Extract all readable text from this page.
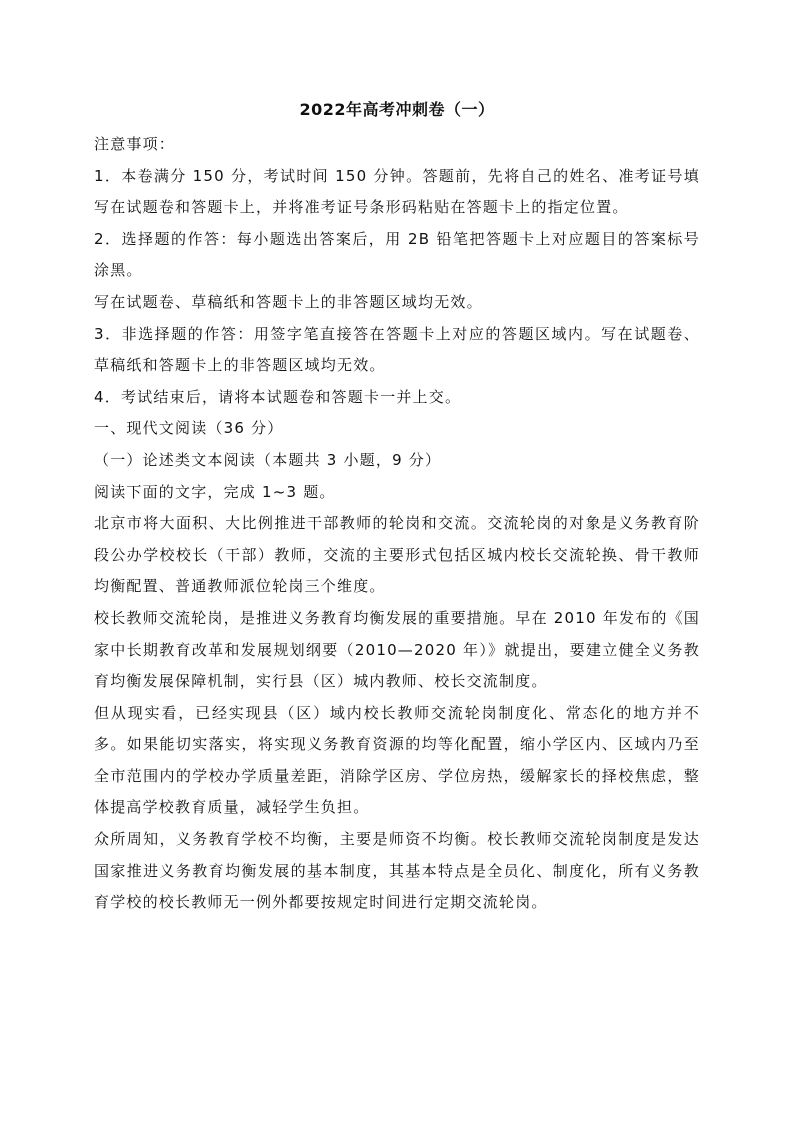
2022年高考冲刺卷（一）

注意事项：

1．本卷满分 150 分，考试时间 150 分钟。答题前，先将自己的姓名、准考证号填写在试题卷和答题卡上，并将准考证号条形码粘贴在答题卡上的指定位置。

2．选择题的作答：每小题选出答案后，用 2B 铅笔把答题卡上对应题目的答案标号涂黑。

写在试题卷、草稿纸和答题卡上的非答题区域均无效。

3．非选择题的作答：用签字笔直接答在答题卡上对应的答题区域内。写在试题卷、草稿纸和答题卡上的非答题区域均无效。

4．考试结束后，请将本试题卷和答题卡一并上交。

一、现代文阅读（36 分）

（一）论述类文本阅读（本题共 3 小题，9 分）

阅读下面的文字，完成 1~3 题。

北京市将大面积、大比例推进干部教师的轮岗和交流。交流轮岗的对象是义务教育阶段公办学校校长（干部）教师，交流的主要形式包括区城内校长交流轮换、骨干教师均衡配置、普通教师派位轮岗三个维度。

校长教师交流轮岗，是推进义务教育均衡发展的重要措施。早在 2010 年发布的《国家中长期教育改革和发展规划纲要（2010—2020 年）》就提出，要建立健全义务教育均衡发展保障机制，实行县（区）城内教师、校长交流制度。

但从现实看，已经实现县（区）域内校长教师交流轮岗制度化、常态化的地方并不多。如果能切实落实，将实现义务教育资源的均等化配置，缩小学区内、区域内乃至全市范围内的学校办学质量差距，消除学区房、学位房热，缓解家长的择校焦虑，整体提高学校教育质量，减轻学生负担。

众所周知，义务教育学校不均衡，主要是师资不均衡。校长教师交流轮岗制度是发达国家推进义务教育均衡发展的基本制度，其基本特点是全员化、制度化，所有义务教育学校的校长教师无一例外都要按规定时间进行定期交流轮岗。
